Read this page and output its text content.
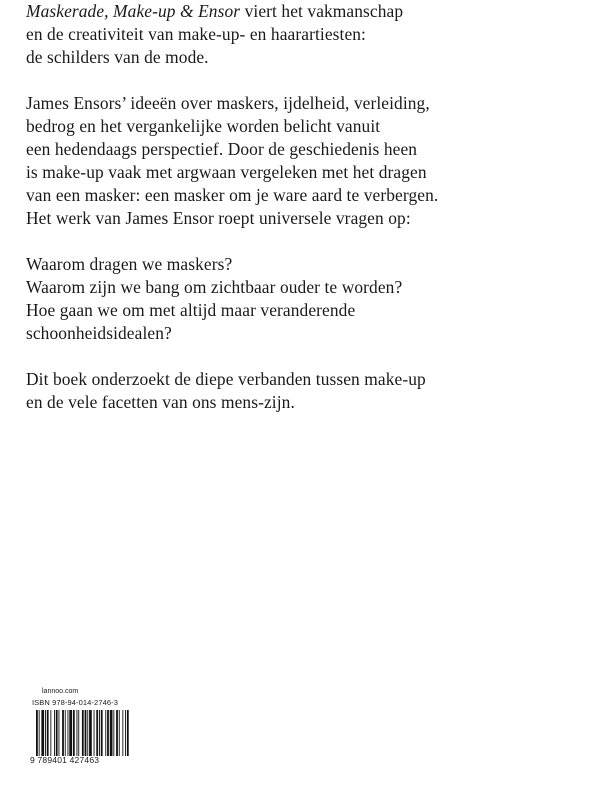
Maskerade, Make-up & Ensor viert het vakmanschap
en de creativiteit van make-up- en haarartiesten:
de schilders van de mode.

James Ensors’ ideeën over maskers, ijdelheid, verleiding,
bedrog en het vergankelijke worden belicht vanuit
een hedendaags perspectief. Door de geschiedenis heen
is make-up vaak met argwaan vergeleken met het dragen
van een masker: een masker om je ware aard te verbergen.
Het werk van James Ensor roept universele vragen op:

Waarom dragen we maskers?
Waarom zijn we bang om zichtbaar ouder te worden?
Hoe gaan we om met altijd maar veranderende
schoonheidsidealen?

Dit boek onderzoekt de diepe verbanden tussen make-up
en de vele facetten van ons mens-zijn.

lannoo.com
ISBN 978-94-014-2746-3
9 789401 427463
